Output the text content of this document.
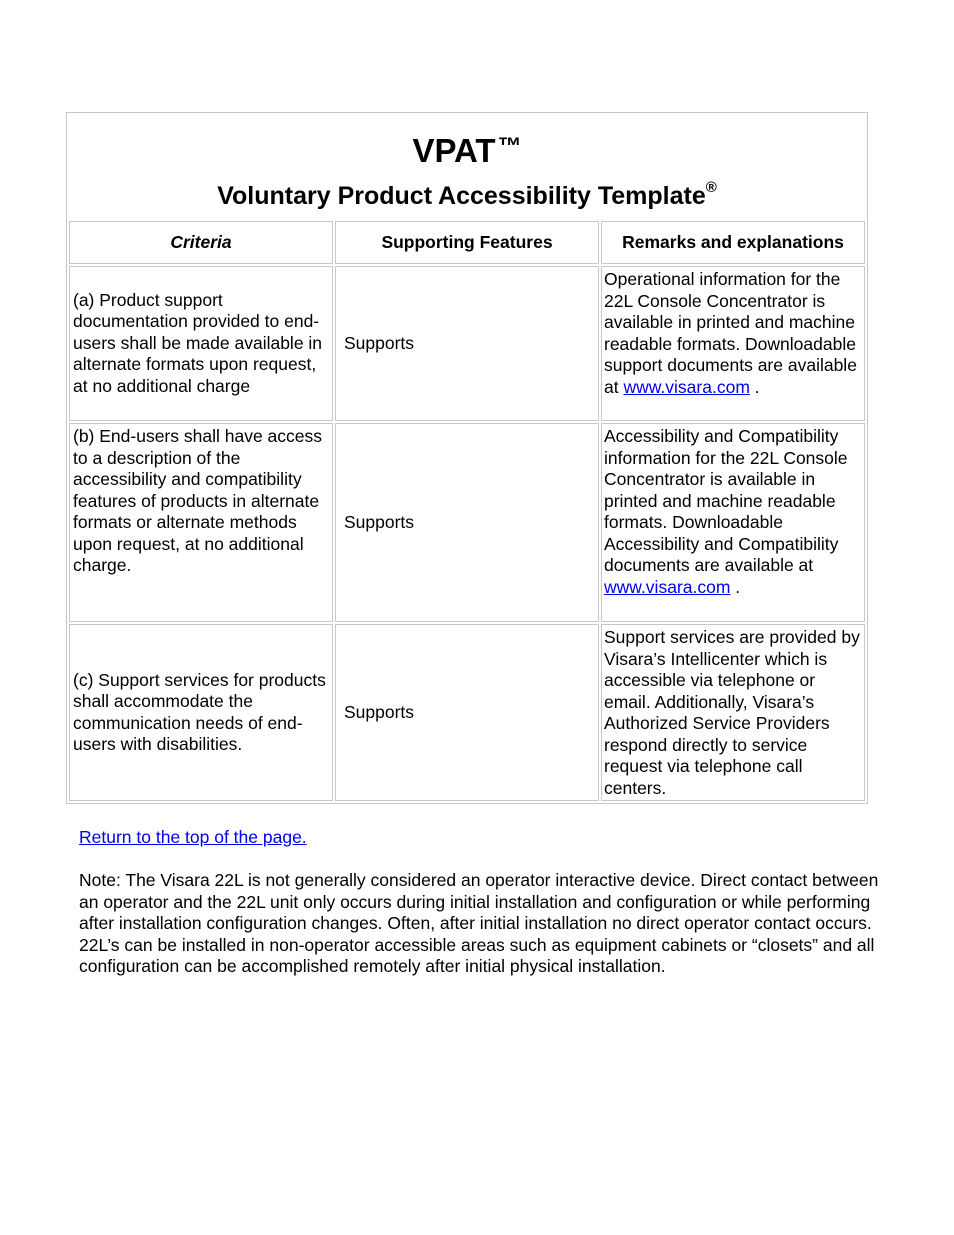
VPAT™
Voluntary Product Accessibility Template®
Criteria	Supporting Features	Remarks and explanations
(a) Product support documentation provided to end-users shall be made available in alternate formats upon request, at no additional charge
Supports
Operational information for the 22L Console Concentrator is available in printed and machine readable formats. Downloadable support documents are available at www.visara.com .
(b) End-users shall have access to a description of the accessibility and compatibility features of products in alternate formats or alternate methods upon request, at no additional charge.
Supports
Accessibility and Compatibility information for the 22L Console Concentrator is available in printed and machine readable formats. Downloadable Accessibility and Compatibility documents are available at www.visara.com .
(c) Support services for products shall accommodate the communication needs of end-users with disabilities.
Supports
Support services are provided by Visara’s Intellicenter which is accessible via telephone or email. Additionally, Visara’s Authorized Service Providers respond directly to service request via telephone call centers.
Return to the top of the page.
Note: The Visara 22L is not generally considered an operator interactive device. Direct contact between an operator and the 22L unit only occurs during initial installation and configuration or while performing after installation configuration changes. Often, after initial installation no direct operator contact occurs. 22L’s can be installed in non-operator accessible areas such as equipment cabinets or “closets” and all configuration can be accomplished remotely after initial physical installation.
